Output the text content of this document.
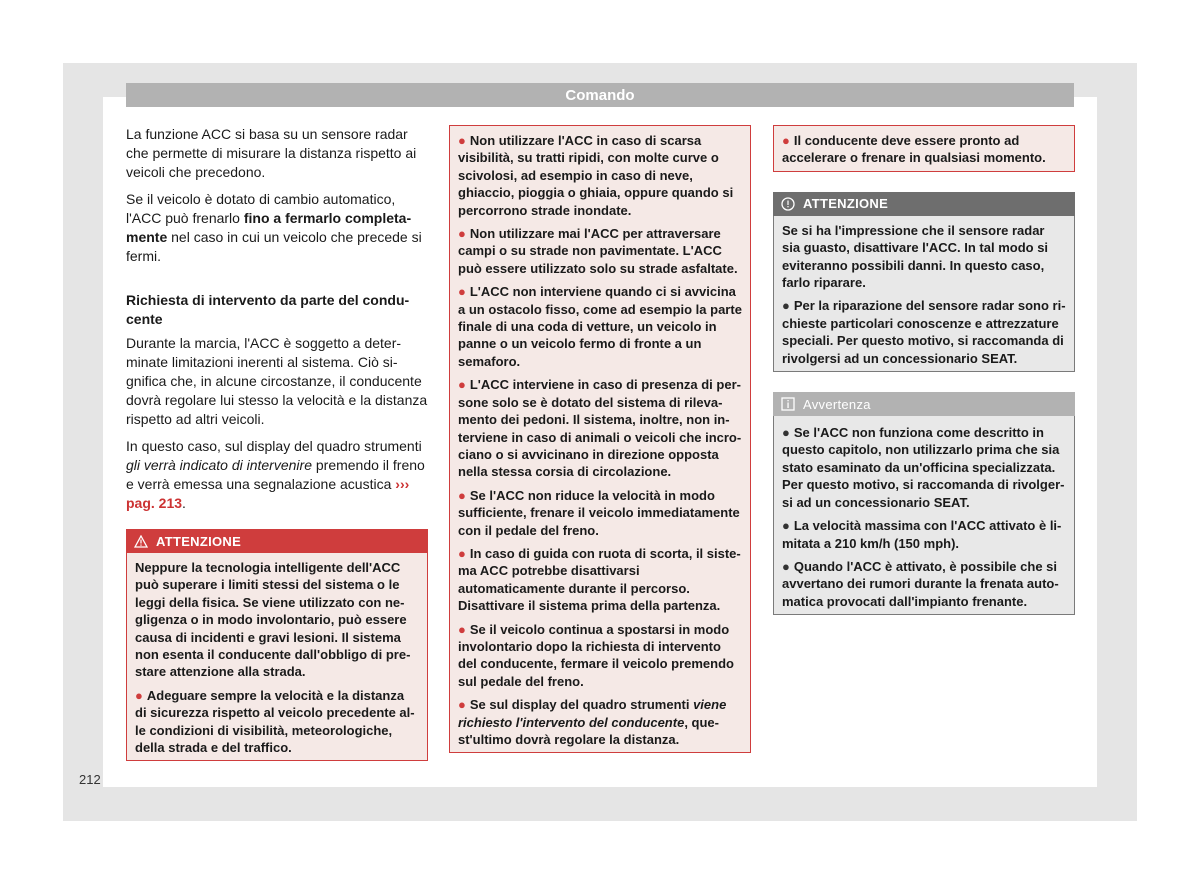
Comando

La funzione ACC si basa su un sensore radar che permette di misurare la distanza rispetto ai veicoli che precedono.

Se il veicolo è dotato di cambio automatico, l'ACC può frenarlo fino a fermarlo completamente nel caso in cui un veicolo che precede si fermi.

Richiesta di intervento da parte del conducente

Durante la marcia, l'ACC è soggetto a determinate limitazioni inerenti al sistema. Ciò significa che, in alcune circostanze, il conducente dovrà regolare lui stesso la velocità e la distanza rispetto ad altri veicoli.

In questo caso, sul display del quadro strumenti gli verrà indicato di intervenire premendo il freno e verrà emessa una segnalazione acustica ››› pag. 213.

ATTENZIONE
Neppure la tecnologia intelligente dell'ACC può superare i limiti stessi del sistema o le leggi della fisica. Se viene utilizzato con negligenza o in modo involontario, può essere causa di incidenti e gravi lesioni. Il sistema non esenta il conducente dall'obbligo di prestare attenzione alla strada.
● Adeguare sempre la velocità e la distanza di sicurezza rispetto al veicolo precedente alle condizioni di visibilità, meteorologiche, della strada e del traffico.
● Non utilizzare l'ACC in caso di scarsa visibilità, su tratti ripidi, con molte curve o scivolosi, ad esempio in caso di neve, ghiaccio, pioggia o ghiaia, oppure quando si percorrono strade inondate.
● Non utilizzare mai l'ACC per attraversare campi o su strade non pavimentate. L'ACC può essere utilizzato solo su strade asfaltate.
● L'ACC non interviene quando ci si avvicina a un ostacolo fisso, come ad esempio la parte finale di una coda di vetture, un veicolo in panne o un veicolo fermo di fronte a un semaforo.
● L'ACC interviene in caso di presenza di persone solo se è dotato del sistema di rilevamento dei pedoni. Il sistema, inoltre, non interviene in caso di animali o veicoli che incrociano o si avvicinano in direzione opposta nella stessa corsia di circolazione.
● Se l'ACC non riduce la velocità in modo sufficiente, frenare il veicolo immediatamente con il pedale del freno.
● In caso di guida con ruota di scorta, il sistema ACC potrebbe disattivarsi automaticamente durante il percorso. Disattivare il sistema prima della partenza.
● Se il veicolo continua a spostarsi in modo involontario dopo la richiesta di intervento del conducente, fermare il veicolo premendo sul pedale del freno.
● Se sul display del quadro strumenti viene richiesto l'intervento del conducente, quest'ultimo dovrà regolare la distanza.
● Il conducente deve essere pronto ad accelerare o frenare in qualsiasi momento.
ATTENZIONE
Se si ha l'impressione che il sensore radar sia guasto, disattivare l'ACC. In tal modo si eviteranno possibili danni. In questo caso, farlo riparare.
● Per la riparazione del sensore radar sono richieste particolari conoscenze e attrezzature speciali. Per questo motivo, si raccomanda di rivolgersi ad un concessionario SEAT.
Avvertenza
● Se l'ACC non funziona come descritto in questo capitolo, non utilizzarlo prima che sia stato esaminato da un'officina specializzata. Per questo motivo, si raccomanda di rivolgersi ad un concessionario SEAT.
● La velocità massima con l'ACC attivato è limitata a 210 km/h (150 mph).
● Quando l'ACC è attivato, è possibile che si avvertano dei rumori durante la frenata automatica provocati dall'impianto frenante.
212
